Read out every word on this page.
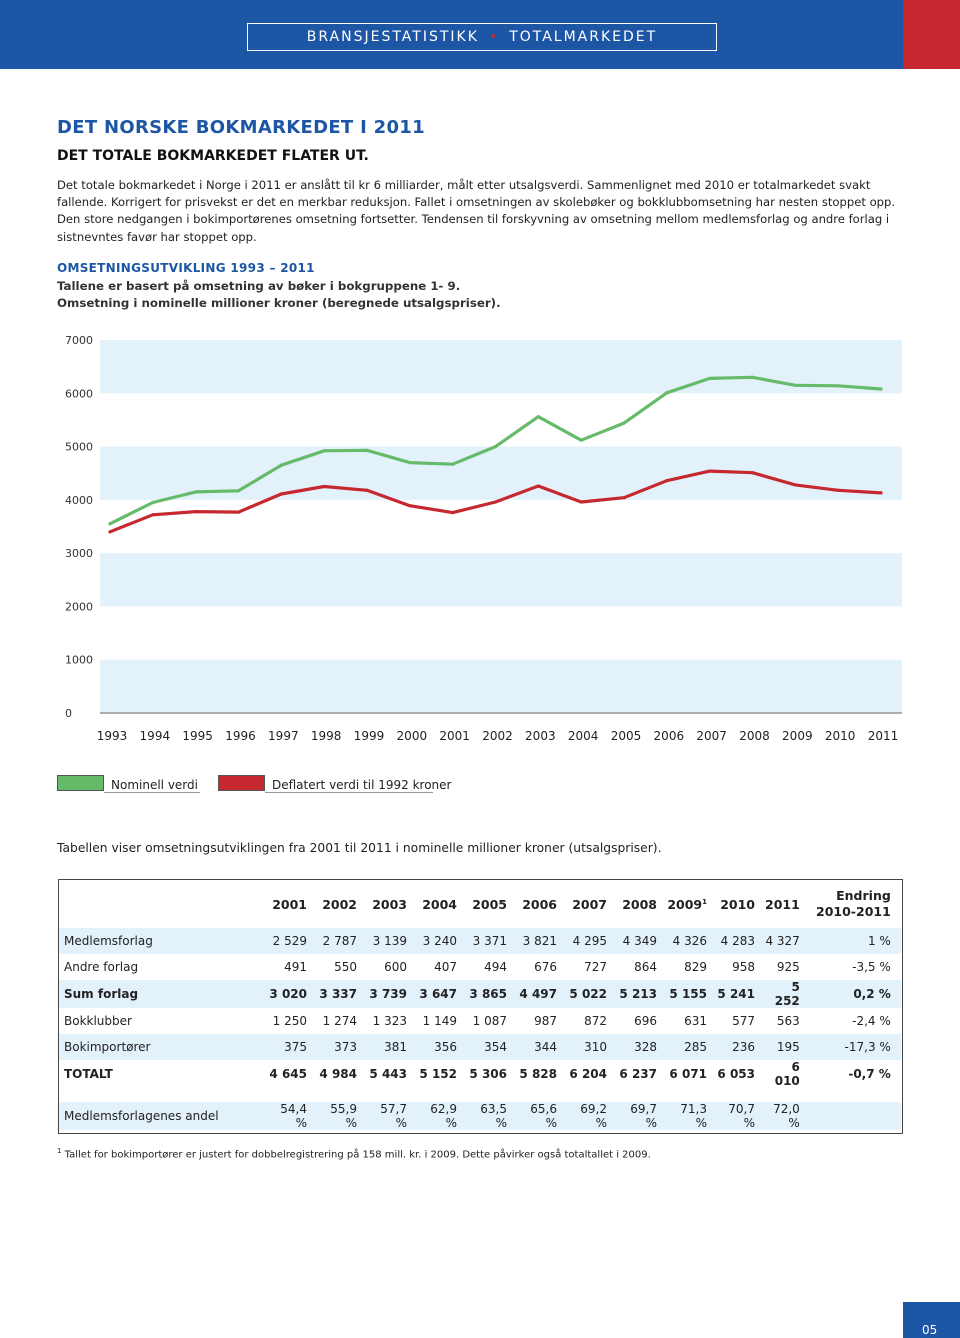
BRANSJESTATISTIKK • TOTALMARKEDET
DET NORSKE BOKMARKEDET I 2011
DET TOTALE BOKMARKEDET FLATER UT.

Det totale bokmarkedet i Norge i 2011 er anslått til kr 6 milliarder, målt etter utsalgsverdi. Sammenlignet med 2010 er totalmarkedet svakt fallende. Korrigert for prisvekst er det en merkbar reduksjon. Fallet i omsetningen av skolebøker og bokklubbomsetning har nesten stoppet opp. Den store nedgangen i bokimportørenes omsetning fortsetter. Tendensen til forskyvning av omsetning mellom medlemsforlag og andre forlag i sistnevntes favør har stoppet opp.

OMSETNINGSUTVIKLING 1993 – 2011

Tallene er basert på omsetning av bøker i bokgruppene 1- 9.

Omsetning i nominelle millioner kroner (beregnede utsalgspriser).

0
1000
2000
3000
4000
5000
6000
7000
1993 1994 1995 1996 1997 1998 1999 2000 2001 2002 2003 2004 2005 2006 2007 2008 2009 2010 2011
Nominell verdi	Deflatert verdi til 1992 kroner

Tabellen viser omsetningsutviklingen fra 2001 til 2011 i nominelle millioner kroner (utsalgspriser).

	2001	2002	2003	2004	2005	2006	2007	2008	2009$^1$	2010	2011	Endring
2010-2011
Medlemsforlag	2 529	2 787	3 139	3 240	3 371	3 821	4 295	4 349	4 326	4 283	4 327	1 %
Andre forlag	491	550	600	407	494	676	727	864	829	958	925	-3,5 %
Sum forlag	3 020	3 337	3 739	3 647	3 865	4 497	5 022	5 213	5 155	5 241	5 252	0,2 %
Bokklubber	1 250	1 274	1 323	1 149	1 087	987	872	696	631	577	563	-2,4 %
Bokimportører	375	373	381	356	354	344	310	328	285	236	195	-17,3 %
TOTALT	4 645	4 984	5 443	5 152	5 306	5 828	6 204	6 237	6 071	6 053	6 010	-0,7 %

Medlemsforlagenes andel	54,4 %	55,9 %	57,7 %	62,9 %	63,5 %	65,6 %	69,2 %	69,7 %	71,3 %	70,7 %	72,0 %	

$^1$ Tallet for bokimportører er justert for dobbelregistrering på 158 mill. kr. i 2009. Dette påvirker også totaltallet i 2009.

05
